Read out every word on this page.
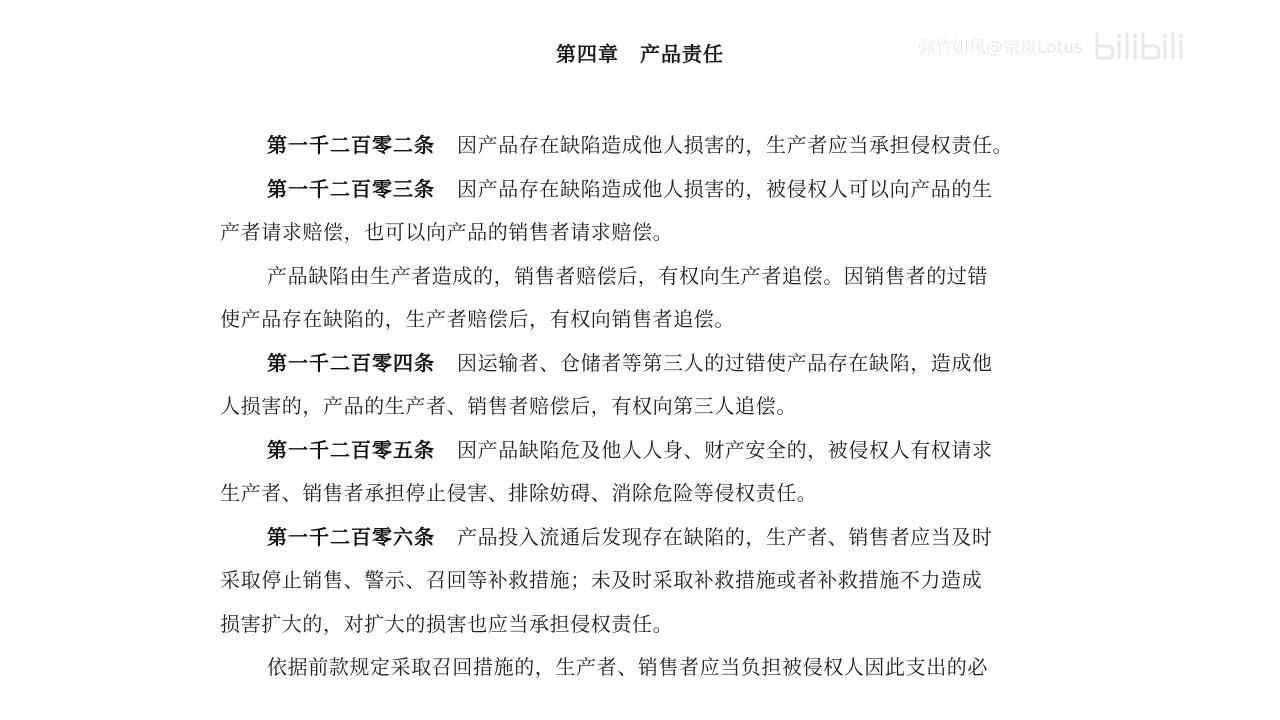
弥竹如风@宗岚Lotus
第四章　产品责任
第一千二百零二条 因产品存在缺陷造成他人损害的，生产者应当承担侵权责任。
第一千二百零三条 因产品存在缺陷造成他人损害的，被侵权人可以向产品的生
产者请求赔偿，也可以向产品的销售者请求赔偿。
产品缺陷由生产者造成的，销售者赔偿后，有权向生产者追偿。因销售者的过错
使产品存在缺陷的，生产者赔偿后，有权向销售者追偿。
第一千二百零四条 因运输者、仓储者等第三人的过错使产品存在缺陷，造成他
人损害的，产品的生产者、销售者赔偿后，有权向第三人追偿。
第一千二百零五条 因产品缺陷危及他人人身、财产安全的，被侵权人有权请求
生产者、销售者承担停止侵害、排除妨碍、消除危险等侵权责任。
第一千二百零六条 产品投入流通后发现存在缺陷的，生产者、销售者应当及时
采取停止销售、警示、召回等补救措施；未及时采取补救措施或者补救措施不力造成
损害扩大的，对扩大的损害也应当承担侵权责任。
依据前款规定采取召回措施的，生产者、销售者应当负担被侵权人因此支出的必
